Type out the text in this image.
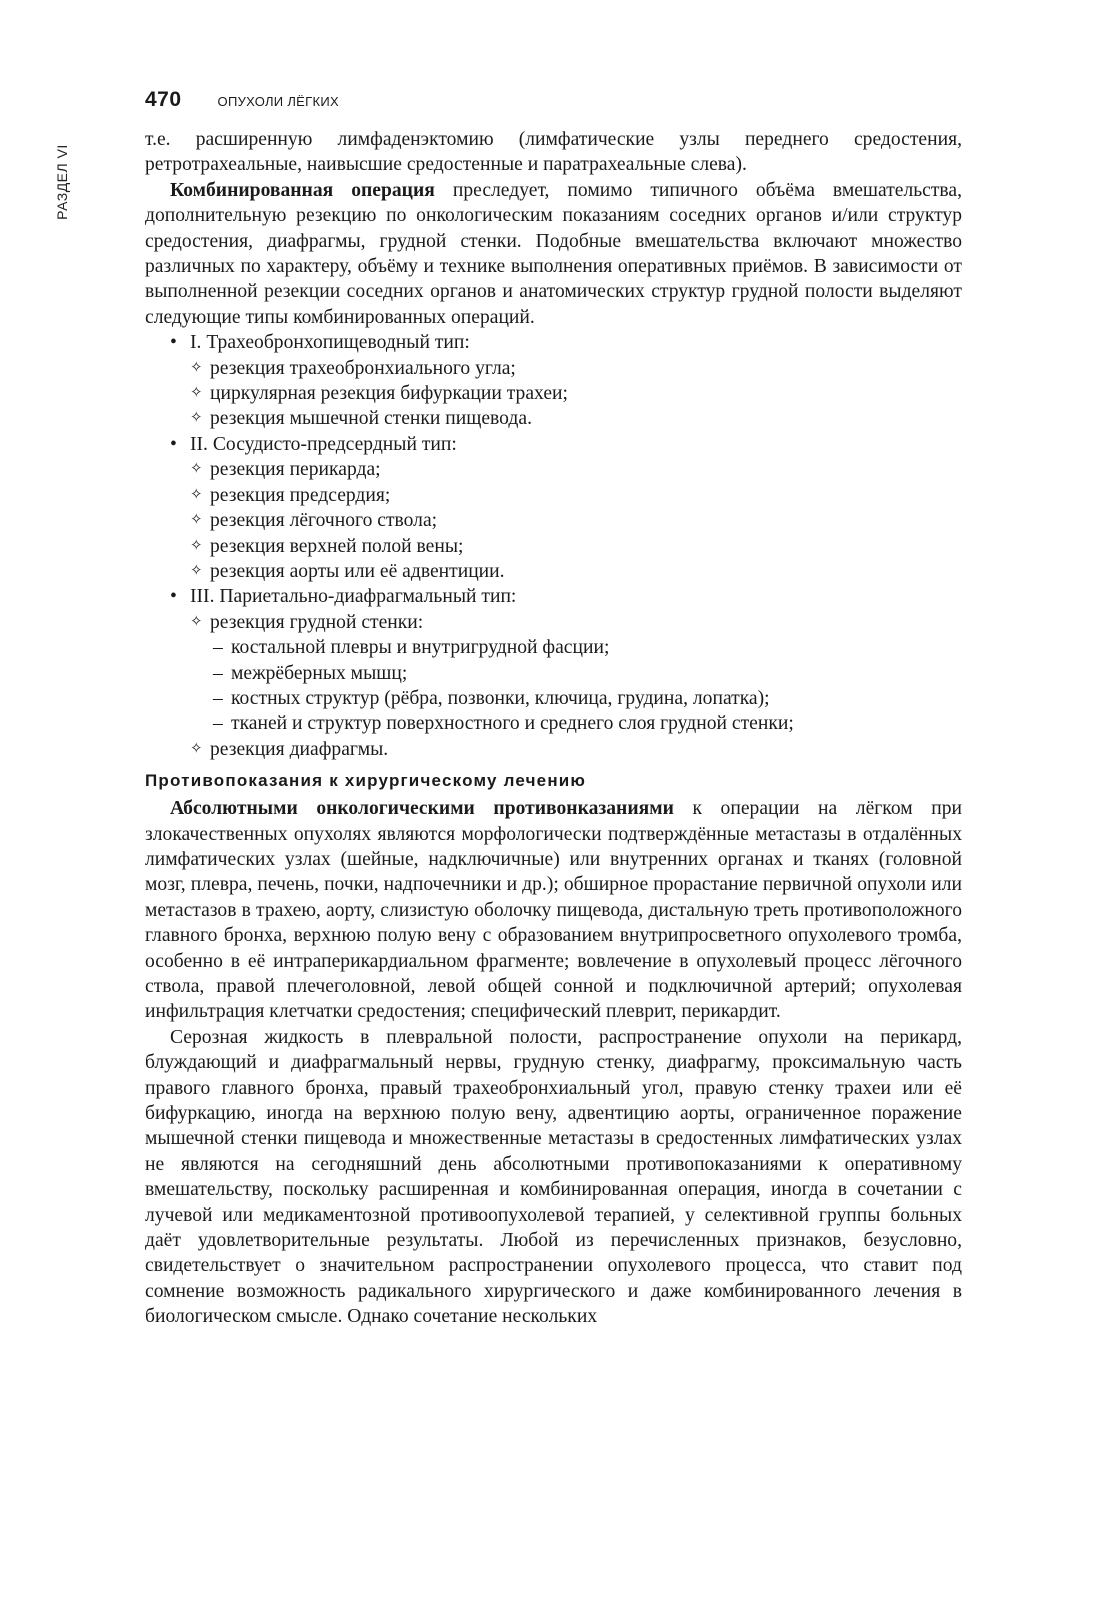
РАЗДЕЛ VI
470	ОПУХОЛИ ЛЁГКИХ

т.е. расширенную лимфаденэктомию (лимфатические узлы переднего средостения, ретротрахеальные, наивысшие средостенные и паратрахеальные слева).

Комбинированная операция преследует, помимо типичного объёма вмешательства, дополнительную резекцию по онкологическим показаниям соседних органов и/или структур средостения, диафрагмы, грудной стенки. Подобные вмешательства включают множество различных по характеру, объёму и технике выполнения оперативных приёмов. В зависимости от выполненной резекции соседних органов и анатомических структур грудной полости выделяют следующие типы комбинированных операций.

• I. Трахеобронхопищеводный тип:
✧ резекция трахеобронхиального угла;
✧ циркулярная резекция бифуркации трахеи;
✧ резекция мышечной стенки пищевода.
• II. Сосудисто-предсердный тип:
✧ резекция перикарда;
✧ резекция предсердия;
✧ резекция лёгочного ствола;
✧ резекция верхней полой вены;
✧ резекция аорты или её адвентиции.
• III. Париетально-диафрагмальный тип:
✧ резекция грудной стенки:
– костальной плевры и внутригрудной фасции;
– межрёберных мышц;
– костных структур (рёбра, позвонки, ключица, грудина, лопатка);
– тканей и структур поверхностного и среднего слоя грудной стенки;
✧ резекция диафрагмы.
Противопоказания к хирургическому лечению

Абсолютными онкологическими противонказаниями к операции на лёгком при злокачественных опухолях являются морфологически подтверждённые метастазы в отдалённых лимфатических узлах (шейные, надключичные) или внутренних органах и тканях (головной мозг, плевра, печень, почки, надпочечники и др.); обширное прорастание первичной опухоли или метастазов в трахею, аорту, слизистую оболочку пищевода, дистальную треть противоположного главного бронха, верхнюю полую вену с образованием внутрипросветного опухолевого тромба, особенно в её интраперикардиальном фрагменте; вовлечение в опухолевый процесс лёгочного ствола, правой плечеголовной, левой общей сонной и подключичной артерий; опухолевая инфильтрация клетчатки средостения; специфический плеврит, перикардит.

Серозная жидкость в плевральной полости, распространение опухоли на перикард, блуждающий и диафрагмальный нервы, грудную стенку, диафрагму, проксимальную часть правого главного бронха, правый трахеобронхиальный угол, правую стенку трахеи или её бифуркацию, иногда на верхнюю полую вену, адвентицию аорты, ограниченное поражение мышечной стенки пищевода и множественные метастазы в средостенных лимфатических узлах не являются на сегодняшний день абсолютными противопоказаниями к оперативному вмешательству, поскольку расширенная и комбинированная операция, иногда в сочетании с лучевой или медикаментозной противоопухолевой терапией, у селективной группы больных даёт удовлетворительные результаты. Любой из перечисленных признаков, безусловно, свидетельствует о значительном распространении опухолевого процесса, что ставит под сомнение возможность радикального хирургического и даже комбинированного лечения в биологическом смысле. Однако сочетание нескольких
